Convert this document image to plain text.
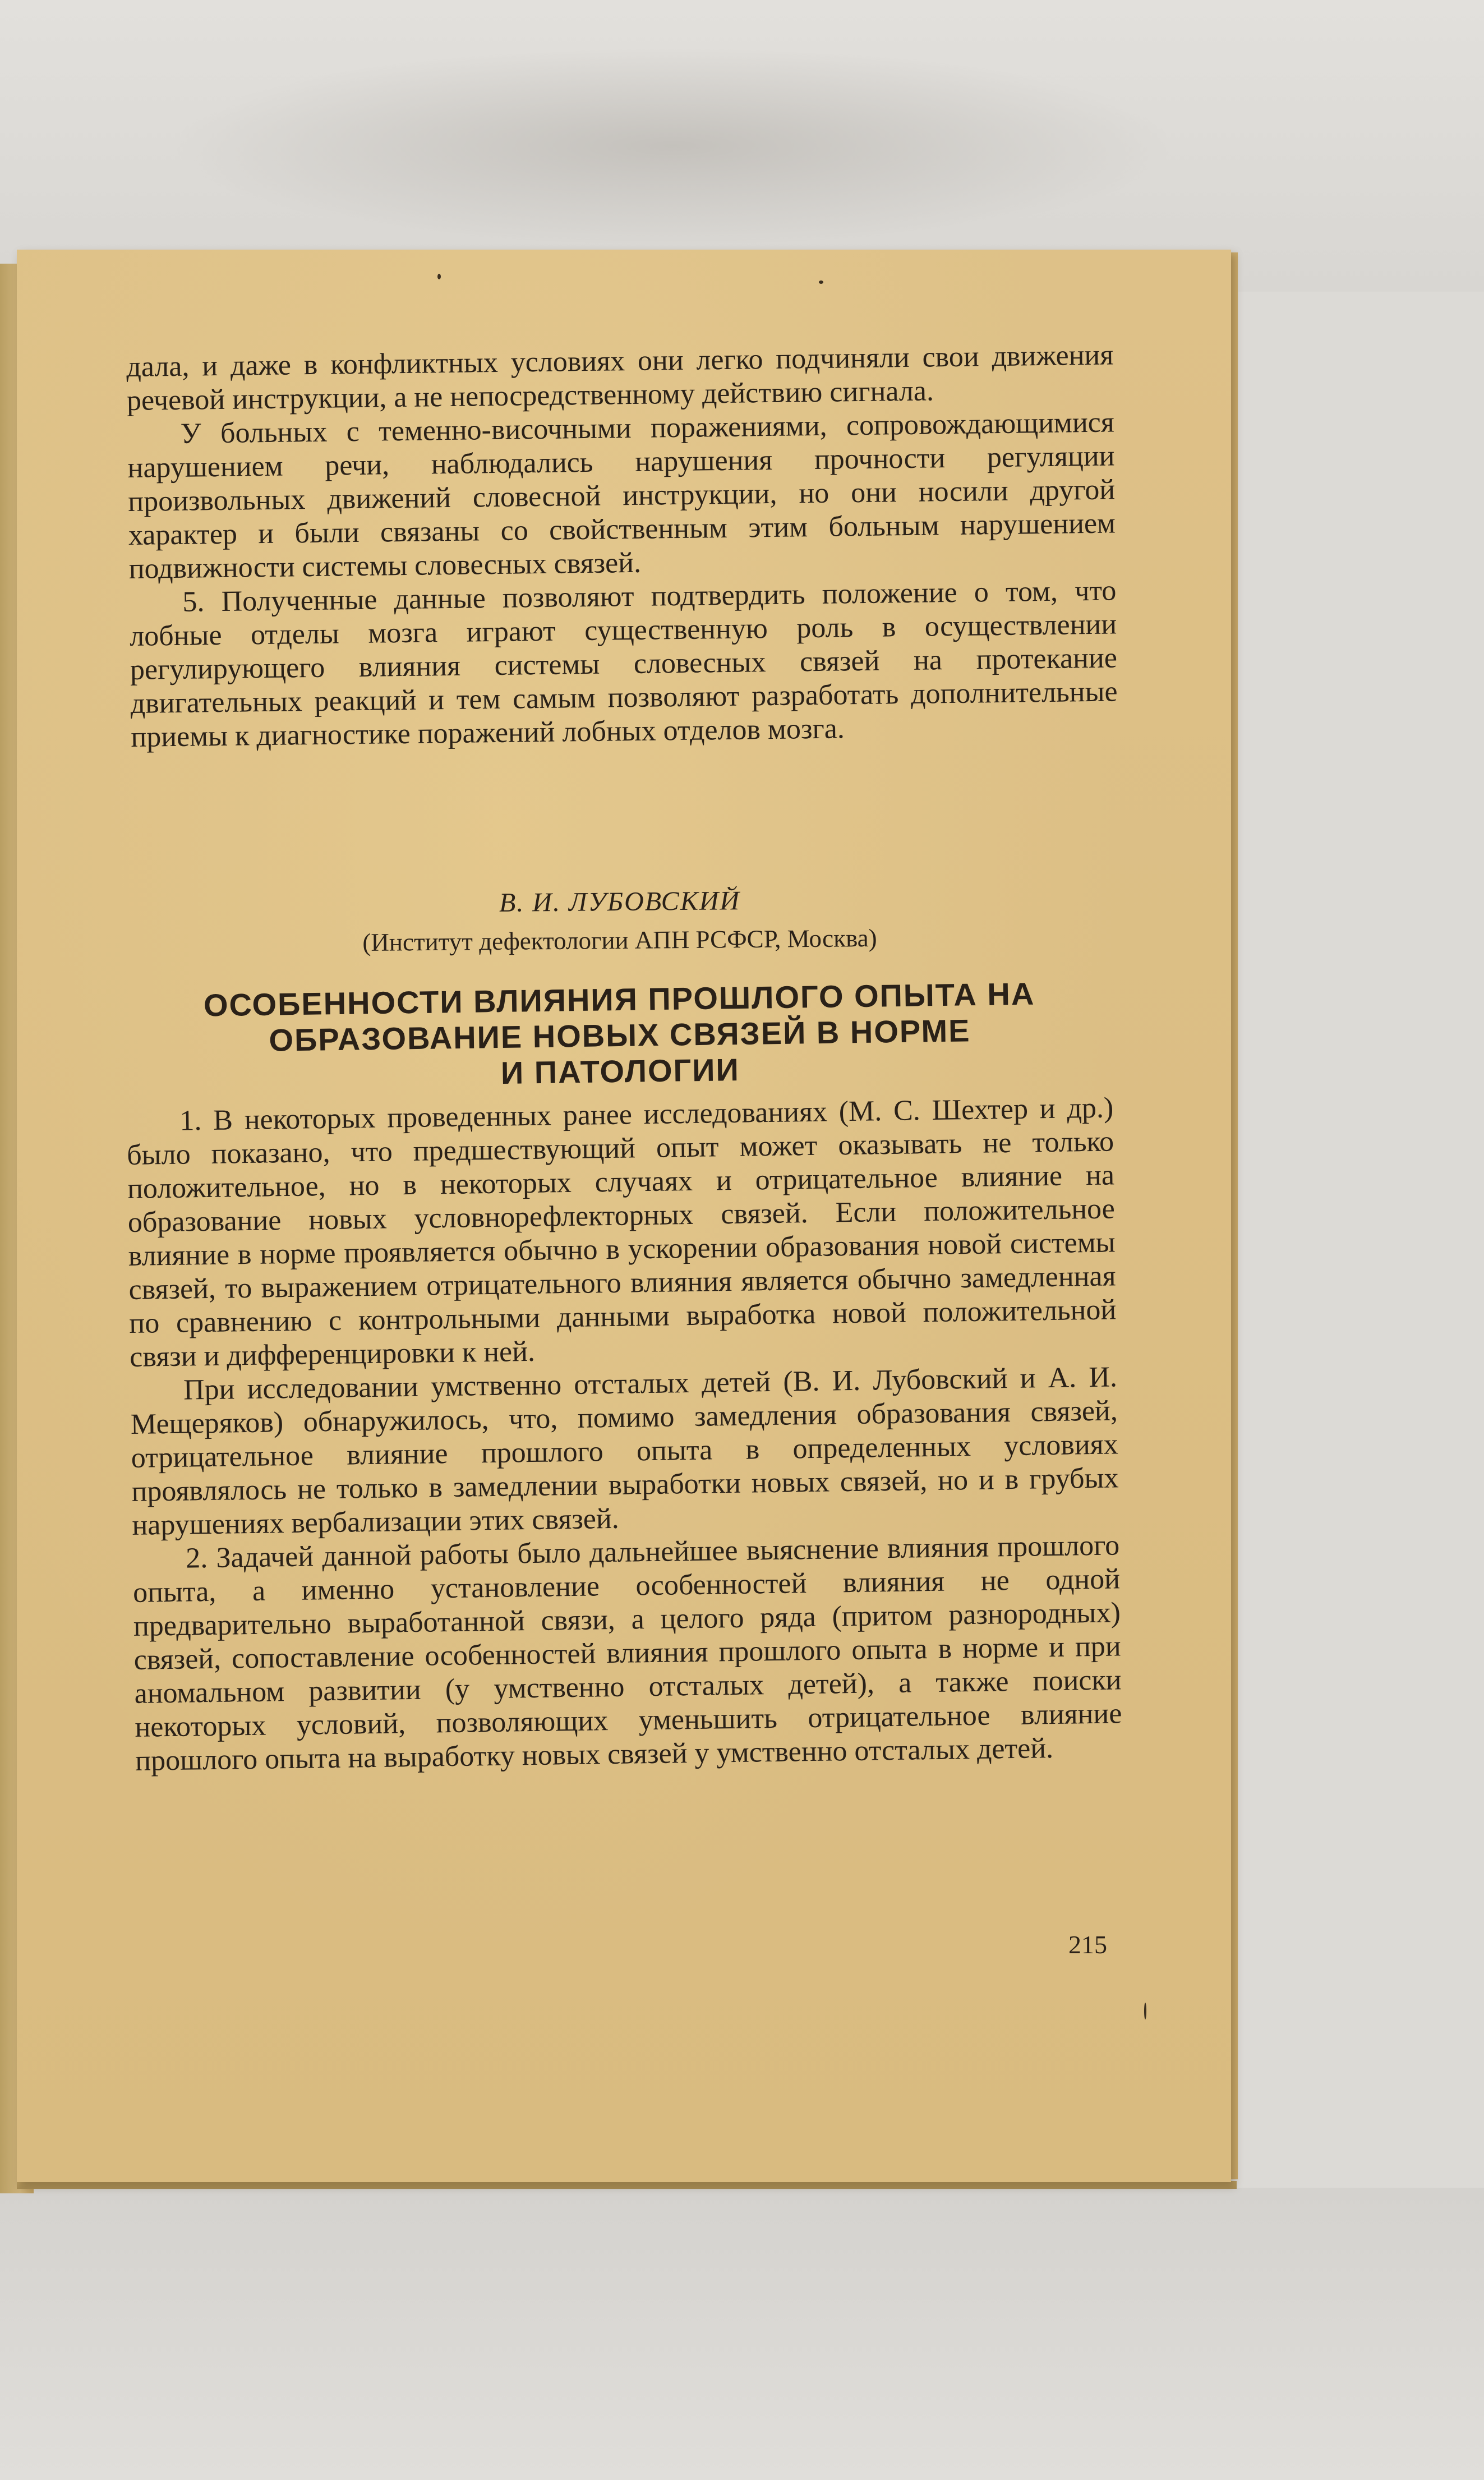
дала, и даже в конфликтных условиях они легко подчиняли свои движения речевой инструкции, а не непосредственному действию сигнала.

У больных с теменно-височными поражениями, сопровождающимися нарушением речи, наблюдались нарушения прочности регуляции произвольных движений словесной инструкции, но они носили другой характер и были связаны со свойственным этим больным нарушением подвижности системы словесных связей.

5. Полученные данные позволяют подтвердить положение о том, что лобные отделы мозга играют существенную роль в осуществлении регулирующего влияния системы словесных связей на протекание двигательных реакций и тем самым позволяют разработать дополнительные приемы к диагностике поражений лобных отделов мозга.

В. И. ЛУБОВСКИЙ
(Институт дефектологии АПН РСФСР, Москва)
ОСОБЕННОСТИ ВЛИЯНИЯ ПРОШЛОГО ОПЫТА НА
ОБРАЗОВАНИЕ НОВЫХ СВЯЗЕЙ В НОРМЕ
И ПАТОЛОГИИ

1. В некоторых проведенных ранее исследованиях (М. С. Шехтер и др.) было показано, что предшествующий опыт может оказывать не только положительное, но в некоторых случаях и отрицательное влияние на образование новых условнорефлекторных связей. Если положительное влияние в норме проявляется обычно в ускорении образования новой системы связей, то выражением отрицательного влияния является обычно замедленная по сравнению с контрольными данными выработка новой положительной связи и дифференцировки к ней.

При исследовании умственно отсталых детей (В. И. Лубовский и А. И. Мещеряков) обнаружилось, что, помимо замедления образования связей, отрицательное влияние прошлого опыта в определенных условиях проявлялось не только в замедлении выработки новых связей, но и в грубых нарушениях вербализации этих связей.

2. Задачей данной работы было дальнейшее выяснение влияния прошлого опыта, а именно установление особенностей влияния не одной предварительно выработанной связи, а целого ряда (притом разнородных) связей, сопоставление особенностей влияния прошлого опыта в норме и при аномальном развитии (у умственно отсталых детей), а также поиски некоторых условий, позволяющих уменьшить отрицательное влияние прошлого опыта на выработку новых связей у умственно отсталых детей.

215
